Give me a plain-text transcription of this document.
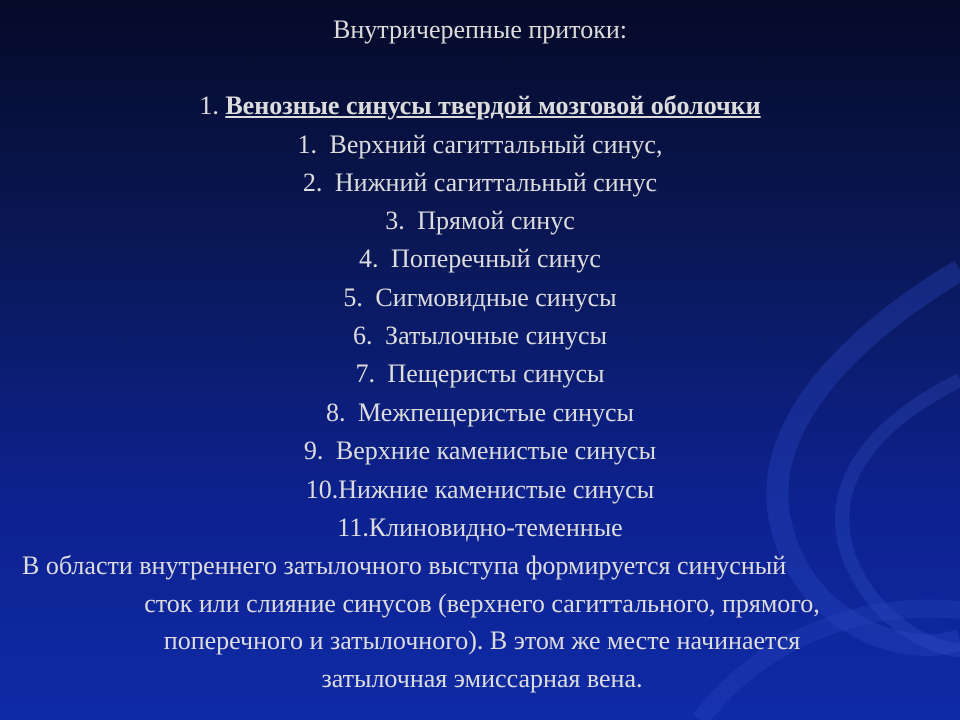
Внутричерепные притоки:
1. Венозные синусы твердой мозговой оболочки
1. Верхний сагиттальный синус,
2. Нижний сагиттальный синус
3. Прямой синус
4. Поперечный синус
5. Сигмовидные синусы
6. Затылочные синусы
7. Пещеристы синусы
8. Межпещеристые синусы
9. Верхние каменистые синусы
10.Нижние каменистые синусы
11.Клиновидно-теменные
В области внутреннего затылочного выступа формируется синусный
сток или слияние синусов (верхнего сагиттального, прямого,
поперечного и затылочного). В этом же месте начинается
затылочная эмиссарная вена.
